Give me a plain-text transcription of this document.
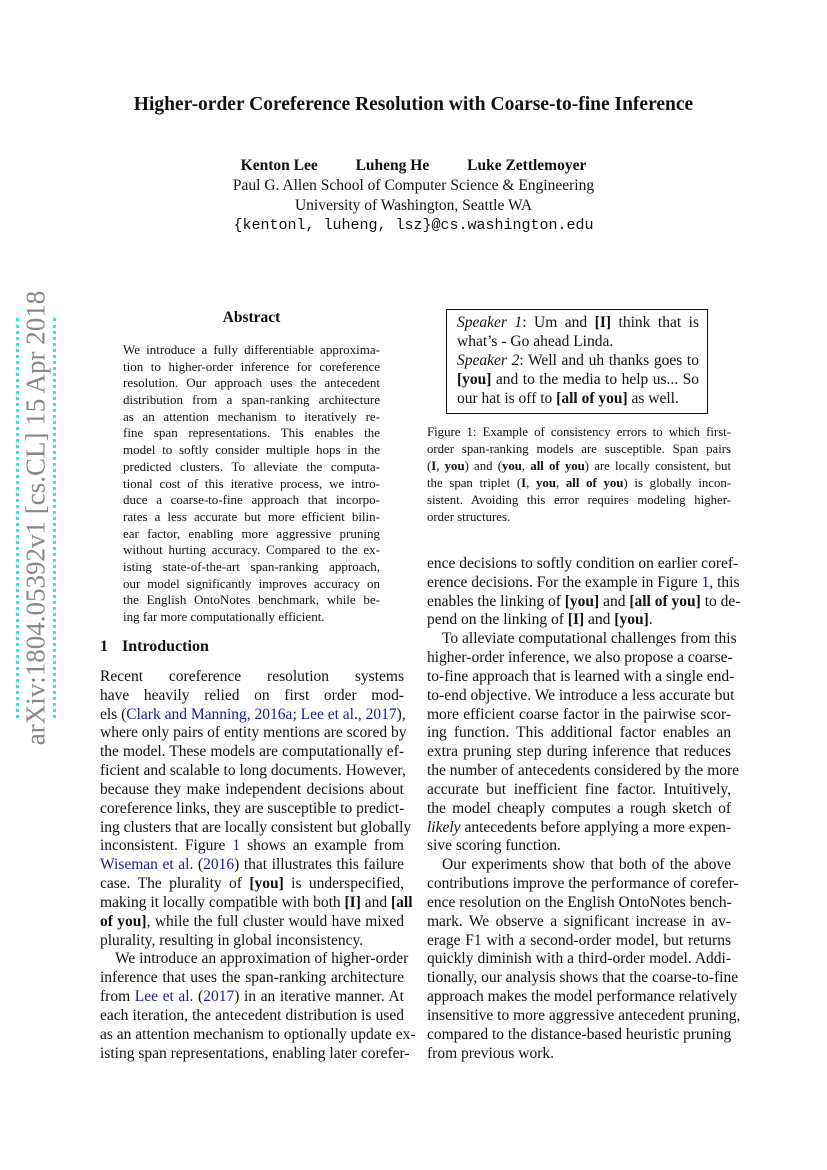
arXiv:1804.05392v1 [cs.CL] 15 Apr 2018
Higher-order Coreference Resolution with Coarse-to-fine Inference
Kenton Lee Luheng He Luke Zettlemoyer
Paul G. Allen School of Computer Science & Engineering
University of Washington, Seattle WA
{kentonl, luheng, lsz}@cs.washington.edu
Abstract
We introduce a fully differentiable approxima-
tion to higher-order inference for coreference
resolution. Our approach uses the antecedent
distribution from a span-ranking architecture
as an attention mechanism to iteratively re-
fine span representations. This enables the
model to softly consider multiple hops in the
predicted clusters. To alleviate the computa-
tional cost of this iterative process, we intro-
duce a coarse-to-fine approach that incorpo-
rates a less accurate but more efficient bilin-
ear factor, enabling more aggressive pruning
without hurting accuracy. Compared to the ex-
isting state-of-the-art span-ranking approach,
our model significantly improves accuracy on
the English OntoNotes benchmark, while be-
ing far more computationally efficient.
1 Introduction
Recent coreference resolution systems
have heavily relied on first order mod-
els (Clark and Manning, 2016a; Lee et al., 2017),
where only pairs of entity mentions are scored by
the model. These models are computationally ef-
ficient and scalable to long documents. However,
because they make independent decisions about
coreference links, they are susceptible to predict-
ing clusters that are locally consistent but globally
inconsistent. Figure 1 shows an example from
Wiseman et al. (2016) that illustrates this failure
case. The plurality of [you] is underspecified,
making it locally compatible with both [I] and [all
of you], while the full cluster would have mixed
plurality, resulting in global inconsistency.
We introduce an approximation of higher-order
inference that uses the span-ranking architecture
from Lee et al. (2017) in an iterative manner. At
each iteration, the antecedent distribution is used
as an attention mechanism to optionally update ex-
isting span representations, enabling later corefer-
Speaker 1: Um and [I] think that is
what’s - Go ahead Linda.
Speaker 2: Well and uh thanks goes to
[you] and to the media to help us... So
our hat is off to [all of you] as well.
Figure 1: Example of consistency errors to which first-
order span-ranking models are susceptible. Span pairs
(I, you) and (you, all of you) are locally consistent, but
the span triplet (I, you, all of you) is globally incon-
sistent. Avoiding this error requires modeling higher-
order structures.
ence decisions to softly condition on earlier coref-
erence decisions. For the example in Figure 1, this
enables the linking of [you] and [all of you] to de-
pend on the linking of [I] and [you].
To alleviate computational challenges from this
higher-order inference, we also propose a coarse-
to-fine approach that is learned with a single end-
to-end objective. We introduce a less accurate but
more efficient coarse factor in the pairwise scor-
ing function. This additional factor enables an
extra pruning step during inference that reduces
the number of antecedents considered by the more
accurate but inefficient fine factor. Intuitively,
the model cheaply computes a rough sketch of
likely antecedents before applying a more expen-
sive scoring function.
Our experiments show that both of the above
contributions improve the performance of corefer-
ence resolution on the English OntoNotes bench-
mark. We observe a significant increase in av-
erage F1 with a second-order model, but returns
quickly diminish with a third-order model. Addi-
tionally, our analysis shows that the coarse-to-fine
approach makes the model performance relatively
insensitive to more aggressive antecedent pruning,
compared to the distance-based heuristic pruning
from previous work.
